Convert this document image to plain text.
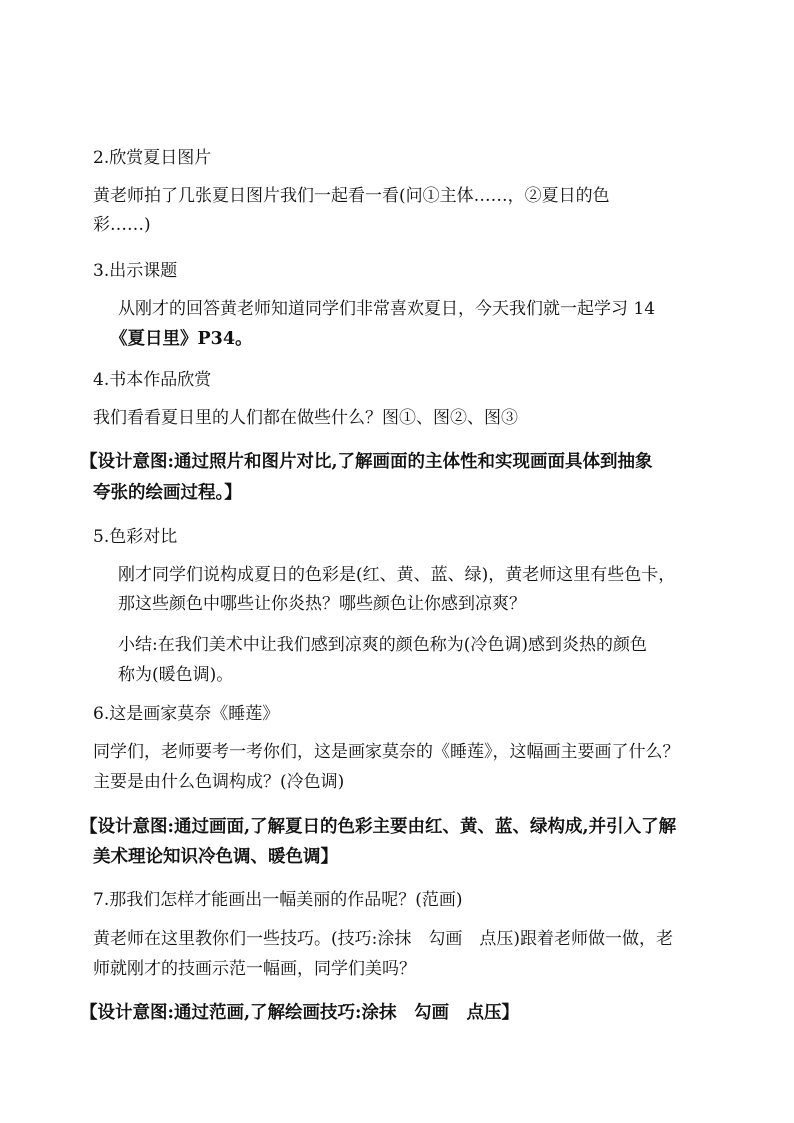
2.欣赏夏日图片
黄老师拍了几张夏日图片我们一起看一看(问①主体……，②夏日的色
彩……)
3.出示课题
从刚才的回答黄老师知道同学们非常喜欢夏日，今天我们就一起学习 14
《夏日里》P34。
4.书本作品欣赏
我们看看夏日里的人们都在做些什么？图①、图②、图③
【设计意图:通过照片和图片对比,了解画面的主体性和实现画面具体到抽象
夸张的绘画过程。】
5.色彩对比
刚才同学们说构成夏日的色彩是(红、黄、蓝、绿)，黄老师这里有些色卡，
那这些颜色中哪些让你炎热？哪些颜色让你感到凉爽？
小结:在我们美术中让我们感到凉爽的颜色称为(冷色调)感到炎热的颜色
称为(暖色调)。
6.这是画家莫奈《睡莲》
同学们，老师要考一考你们，这是画家莫奈的《睡莲》，这幅画主要画了什么？
主要是由什么色调构成？(冷色调)
【设计意图:通过画面,了解夏日的色彩主要由红、黄、蓝、绿构成,并引入了解
美术理论知识冷色调、暖色调】
7.那我们怎样才能画出一幅美丽的作品呢？(范画)
黄老师在这里教你们一些技巧。(技巧:涂抹　勾画　点压)跟着老师做一做，老
师就刚才的技画示范一幅画，同学们美吗？
【设计意图:通过范画,了解绘画技巧:涂抹　勾画　点压】
